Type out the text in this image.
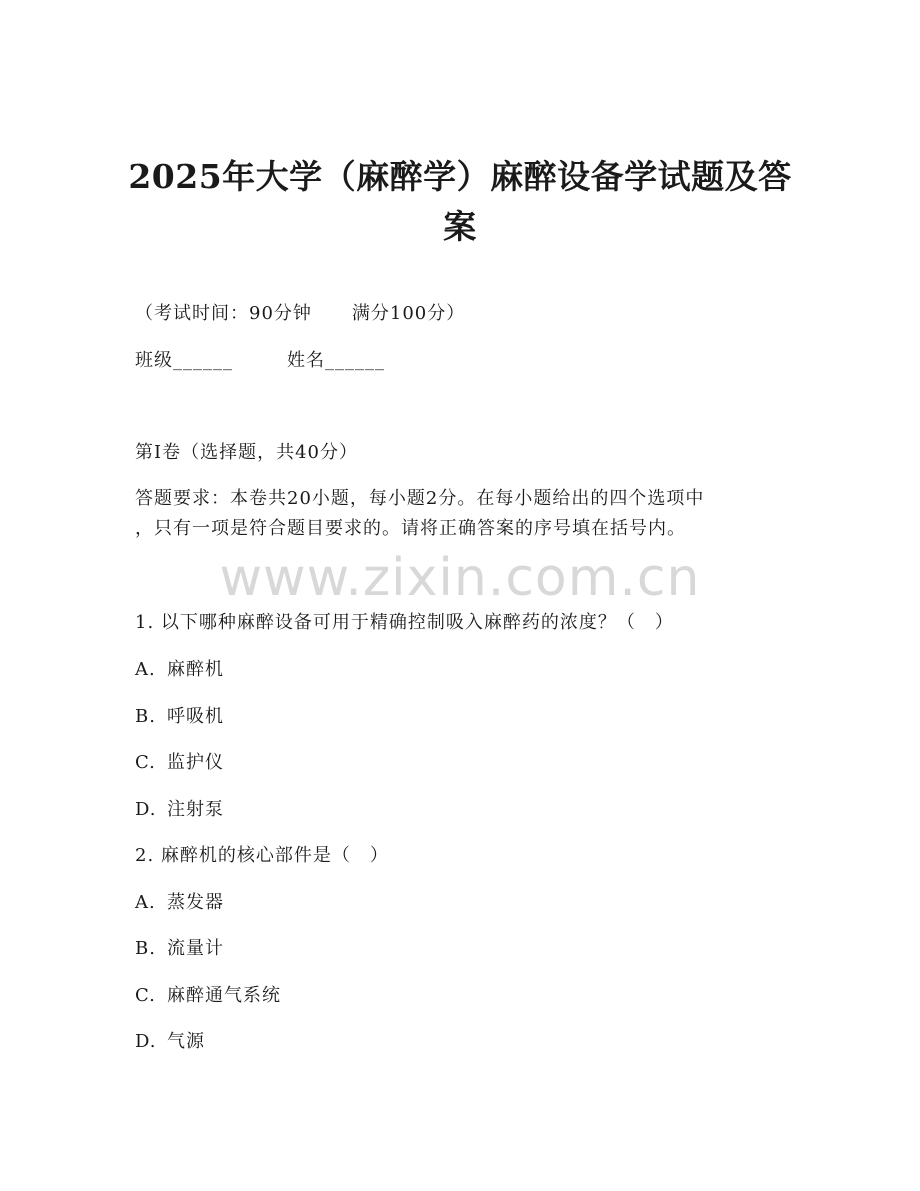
2025年大学（麻醉学）麻醉设备学试题及答
案
（考试时间：90分钟 满分100分）
班级______	姓名______
www.zixin.com.cn
第I卷（选择题，共40分）
答题要求：本卷共20小题，每小题2分。在每小题给出的四个选项中
，只有一项是符合题目要求的。请将正确答案的序号填在括号内。
1. 以下哪种麻醉设备可用于精确控制吸入麻醉药的浓度？（　）
A. 麻醉机
B. 呼吸机
C. 监护仪
D. 注射泵
2. 麻醉机的核心部件是（　）
A. 蒸发器
B. 流量计
C. 麻醉通气系统
D. 气源
